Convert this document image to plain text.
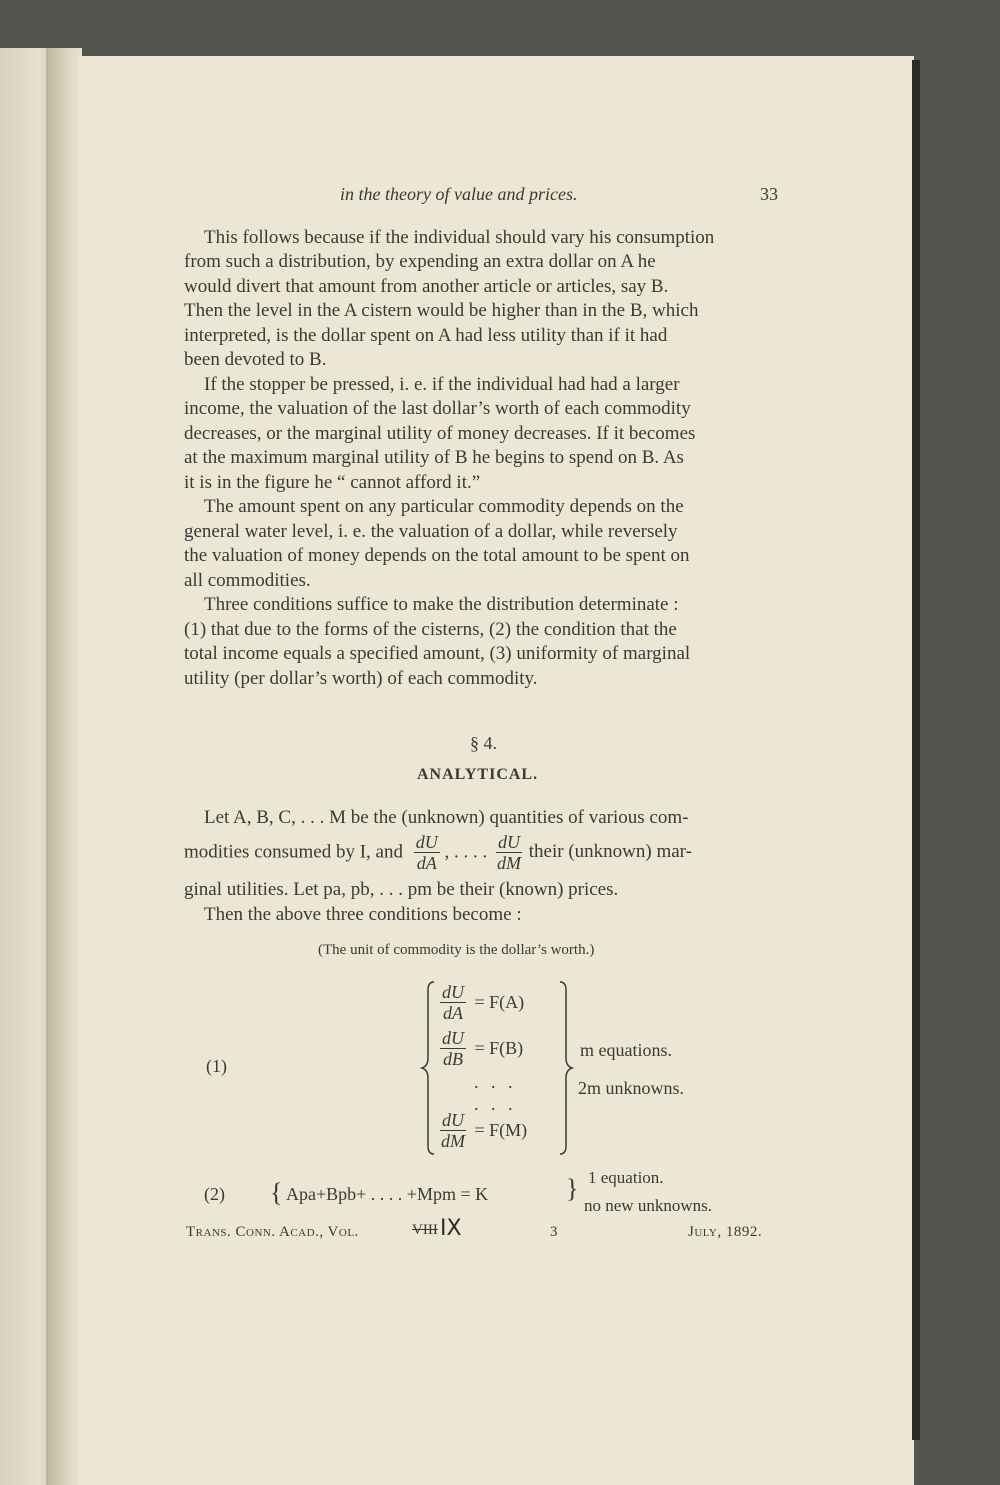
in the theory of value and prices.	33
This follows because if the individual should vary his consumption
from such a distribution, by expending an extra dollar on A he
would divert that amount from another article or articles, say B.
Then the level in the A cistern would be higher than in the B, which
interpreted, is the dollar spent on A had less utility than if it had
been devoted to B.
If the stopper be pressed, i. e. if the individual had had a larger
income, the valuation of the last dollar’s worth of each commodity
decreases, or the marginal utility of money decreases. If it becomes
at the maximum marginal utility of B he begins to spend on B. As
it is in the figure he “ cannot afford it.”
The amount spent on any particular commodity depends on the
general water level, i. e. the valuation of a dollar, while reversely
the valuation of money depends on the total amount to be spent on
all commodities.
Three conditions suffice to make the distribution determinate :
(1) that due to the forms of the cisterns, (2) the condition that the
total income equals a specified amount, (3) uniformity of marginal
utility (per dollar’s worth) of each commodity.
§ 4.
ANALYTICAL.
Let A, B, C, . . . M be the (unknown) quantities of various com-
modities consumed by I, and $\frac{dU}{dA}$ , . . . . $\frac{dU}{dM}$ their (unknown) mar-
ginal utilities. Let pa, pb, . . . pm be their (known) prices.
Then the above three conditions become :
(The unit of commodity is the dollar’s worth.)
(1)
$\frac{dU}{dA} = F(A)$
$\frac{dU}{dB} = F(B)$
. . .
. . .
$\frac{dU}{dM} = F(M)$
m equations.
2m unknowns.
(2) { Apa+Bpb+ . . . . +Mpm = K	} 1 equation.
no new unknowns.
Trans. Conn. Acad., Vol.	VIII IX	3	July, 1892.
